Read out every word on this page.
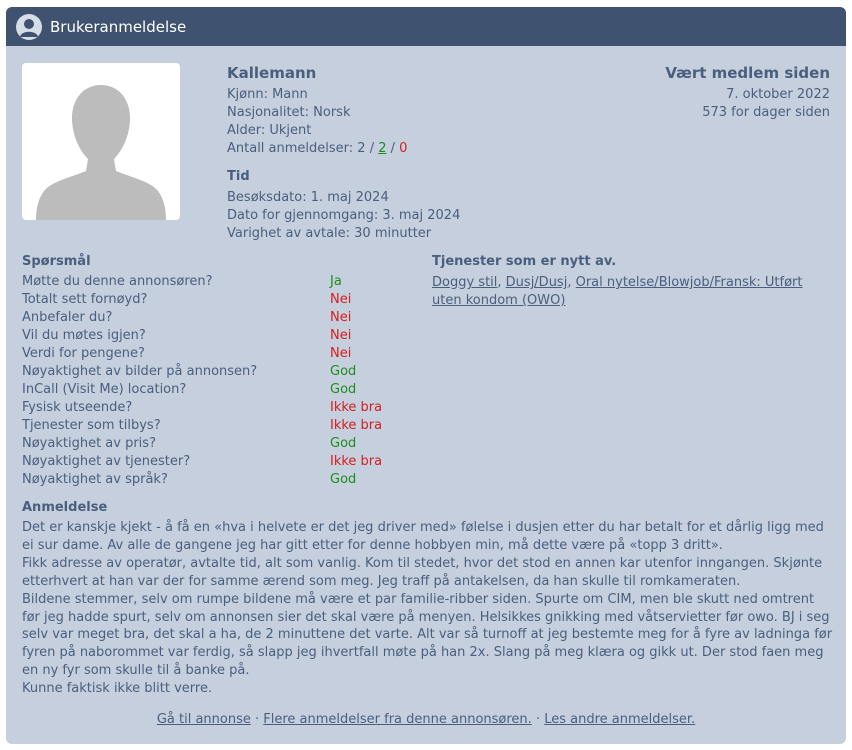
Brukeranmeldelse
Kallemann
Kjønn: Mann
Nasjonalitet: Norsk
Alder: Ukjent
Antall anmeldelser: 2 / 2 / 0
Vært medlem siden
7. oktober 2022
573 for dager siden
Tid
Besøksdato: 1. maj 2024
Dato for gjennomgang: 3. maj 2024
Varighet av avtale: 30 minutter
Spørsmål
Møtte du denne annonsøren?	Ja
Totalt sett fornøyd?	Nei
Anbefaler du?	Nei
Vil du møtes igjen?	Nei
Verdi for pengene?	Nei
Nøyaktighet av bilder på annonsen?	God
InCall (Visit Me) location?	God
Fysisk utseende?	Ikke bra
Tjenester som tilbys?	Ikke bra
Nøyaktighet av pris?	God
Nøyaktighet av tjenester?	Ikke bra
Nøyaktighet av språk?	God
Tjenester som er nytt av.
Doggy stil, Dusj/Dusj, Oral nytelse/Blowjob/Fransk: Utført
uten kondom (OWO)
Anmeldelse

Det er kanskje kjekt - å få en «hva i helvete er det jeg driver med» følelse i dusjen etter du har betalt for et dårlig ligg med ei sur dame. Av alle de gangene jeg har gitt etter for denne hobbyen min, må dette være på «topp 3 dritt».

Fikk adresse av operatør, avtalte tid, alt som vanlig. Kom til stedet, hvor det stod en annen kar utenfor inngangen. Skjønte etterhvert at han var der for samme ærend som meg. Jeg traff på antakelsen, da han skulle til romkameraten.

Bildene stemmer, selv om rumpe bildene må være et par familie-ribber siden. Spurte om CIM, men ble skutt ned omtrent før jeg hadde spurt, selv om annonsen sier det skal være på menyen. Helsikkes gnikking med våtservietter før owo. BJ i seg selv var meget bra, det skal a ha, de 2 minuttene det varte. Alt var så turnoff at jeg bestemte meg for å fyre av ladninga før fyren på naborommet var ferdig, så slapp jeg ihvertfall møte på han 2x. Slang på meg klæra og gikk ut. Der stod faen meg en ny fyr som skulle til å banke på.

Kunne faktisk ikke blitt verre.

Gå til annonse · Flere anmeldelser fra denne annonsøren. · Les andre anmeldelser.
